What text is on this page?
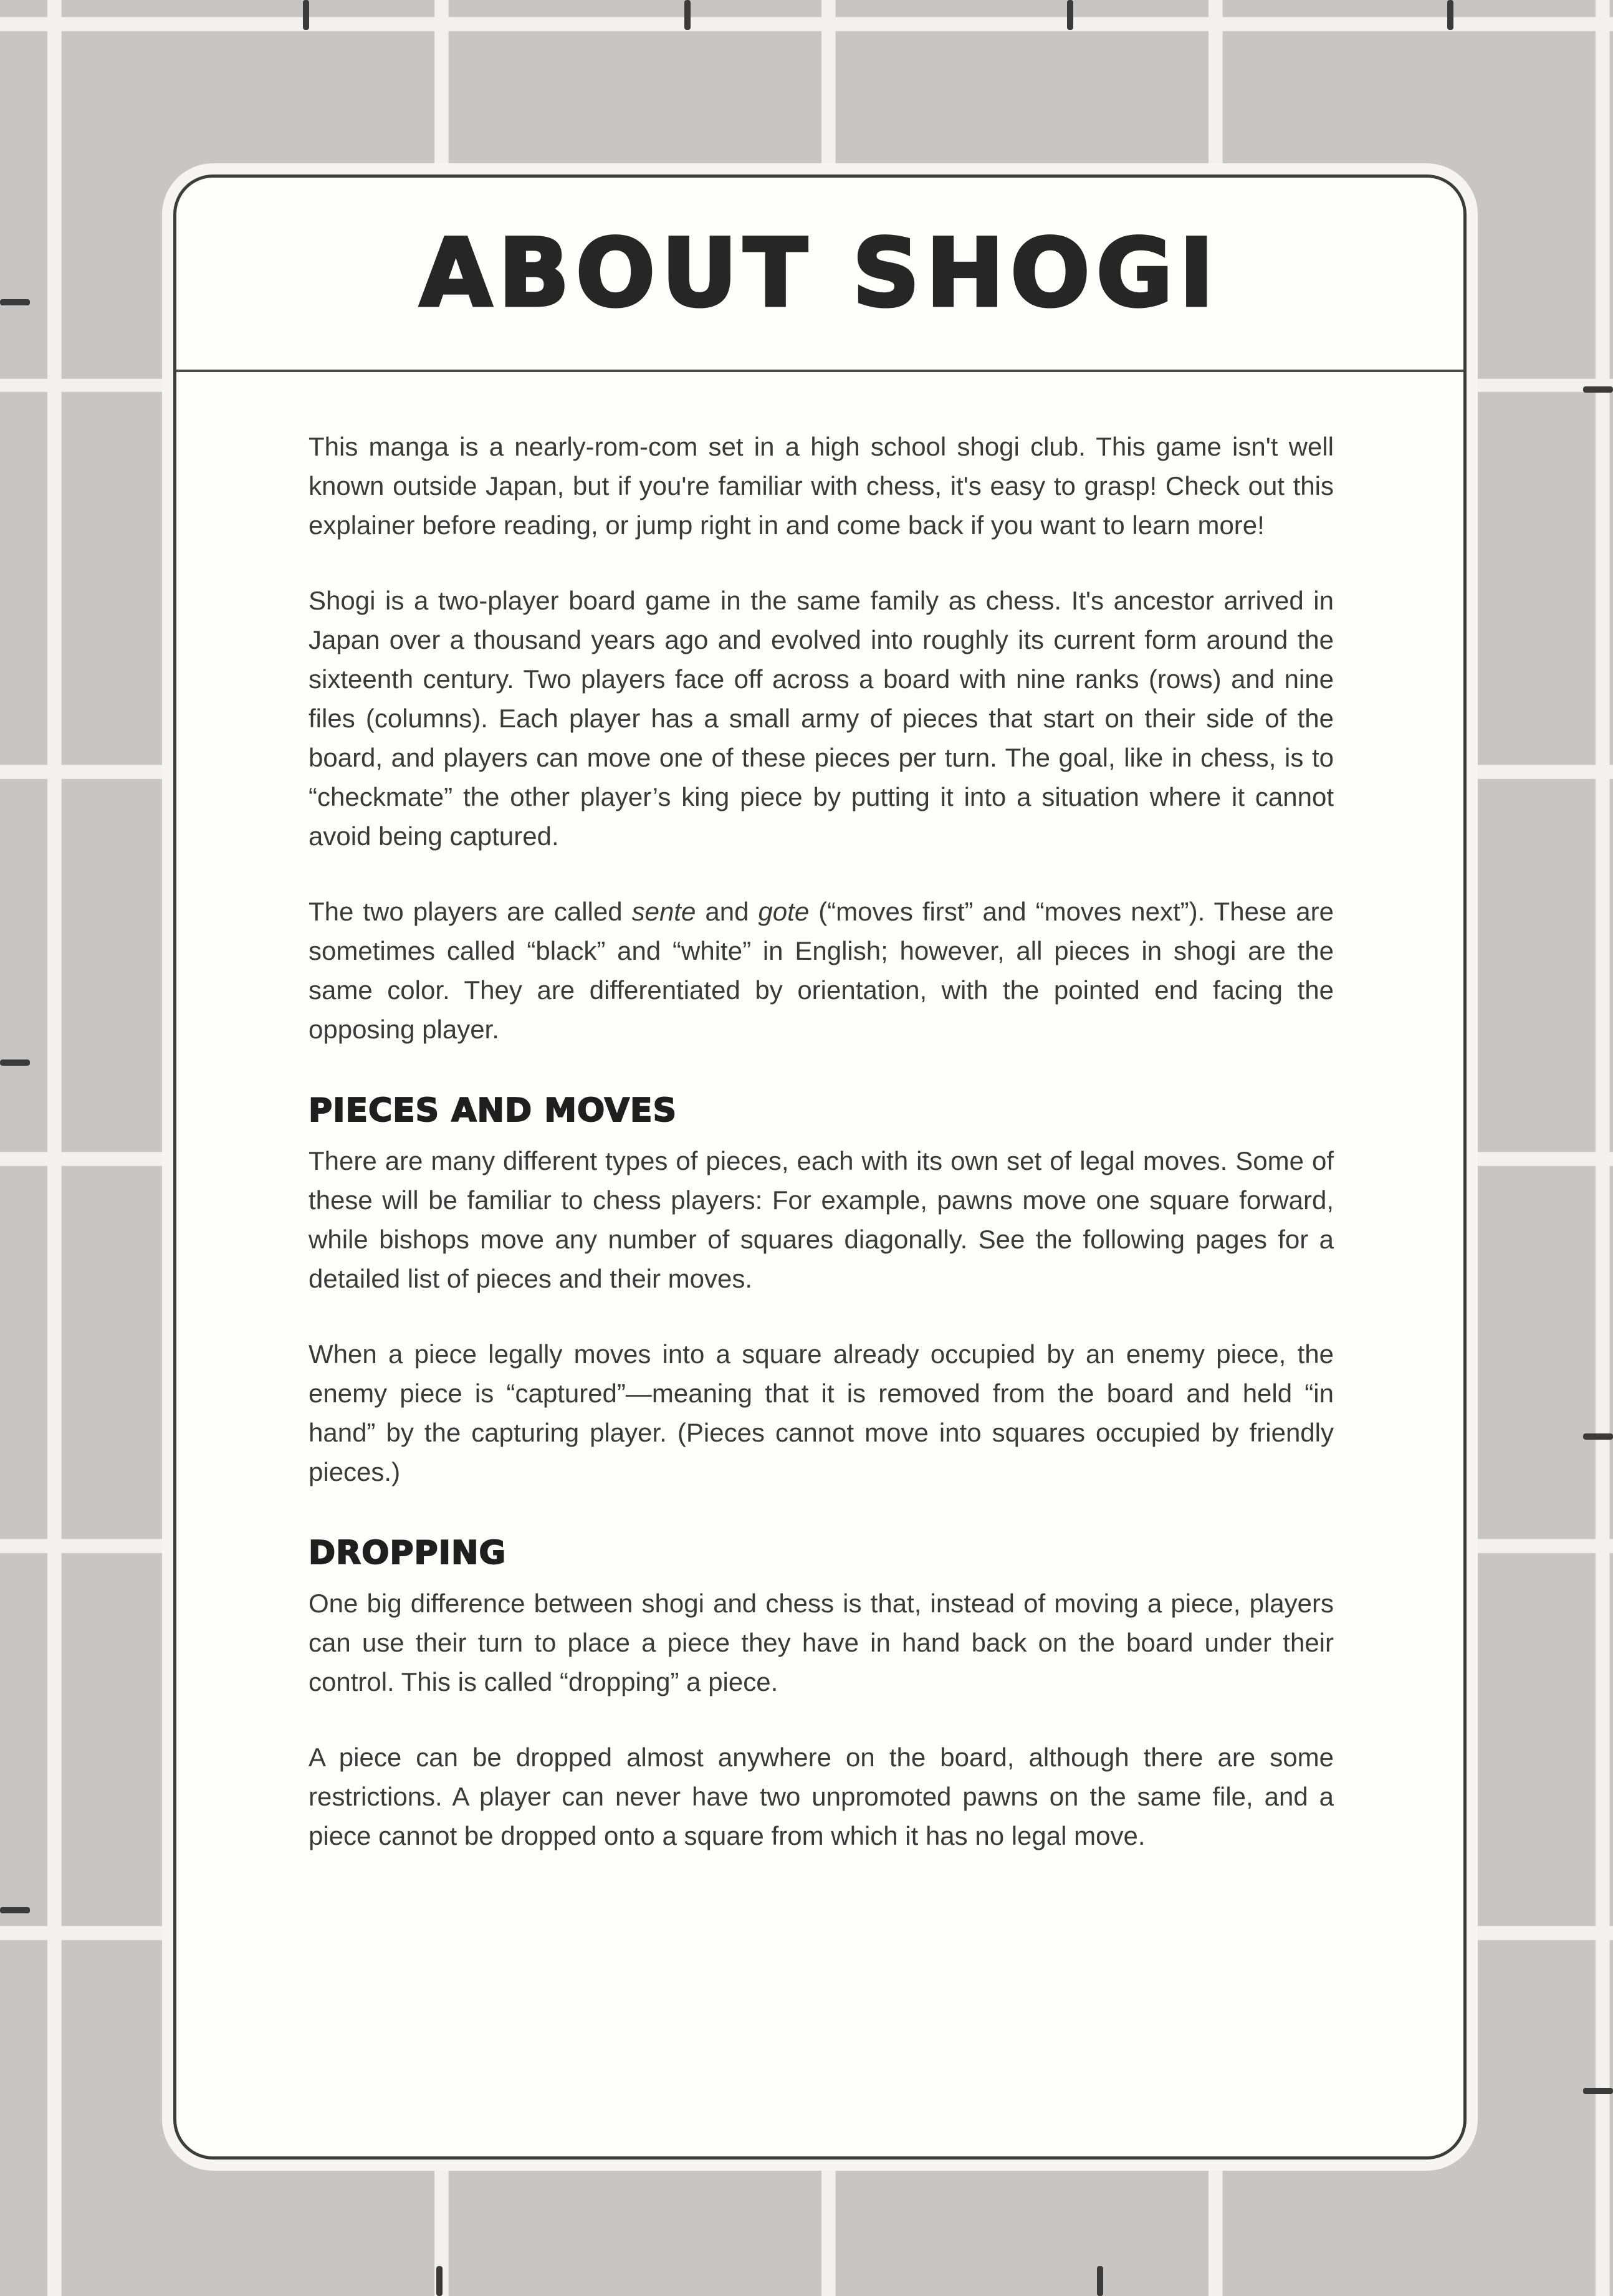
ABOUT SHOGI

This manga is a nearly-rom-com set in a high school shogi club. This game isn't well known outside Japan, but if you're familiar with chess, it's easy to grasp! Check out this explainer before reading, or jump right in and come back if you want to learn more!

Shogi is a two-player board game in the same family as chess. It's ancestor arrived in Japan over a thousand years ago and evolved into roughly its current form around the sixteenth century. Two players face off across a board with nine ranks (rows) and nine files (columns). Each player has a small army of pieces that start on their side of the board, and players can move one of these pieces per turn. The goal, like in chess, is to “checkmate” the other player’s king piece by putting it into a situation where it cannot avoid being captured.

The two players are called sente and gote (“moves first” and “moves next”). These are sometimes called “black” and “white” in English; however, all pieces in shogi are the same color. They are differentiated by orientation, with the pointed end facing the opposing player.

PIECES AND MOVES

There are many different types of pieces, each with its own set of legal moves. Some of these will be familiar to chess players: For example, pawns move one square forward, while bishops move any number of squares diagonally. See the following pages for a detailed list of pieces and their moves.

When a piece legally moves into a square already occupied by an enemy piece, the enemy piece is “captured”—meaning that it is removed from the board and held “in hand” by the capturing player. (Pieces cannot move into squares occupied by friendly pieces.)

DROPPING

One big difference between shogi and chess is that, instead of moving a piece, players can use their turn to place a piece they have in hand back on the board under their control. This is called “dropping” a piece.

A piece can be dropped almost anywhere on the board, although there are some restrictions. A player can never have two unpromoted pawns on the same file, and a piece cannot be dropped onto a square from which it has no legal move.
